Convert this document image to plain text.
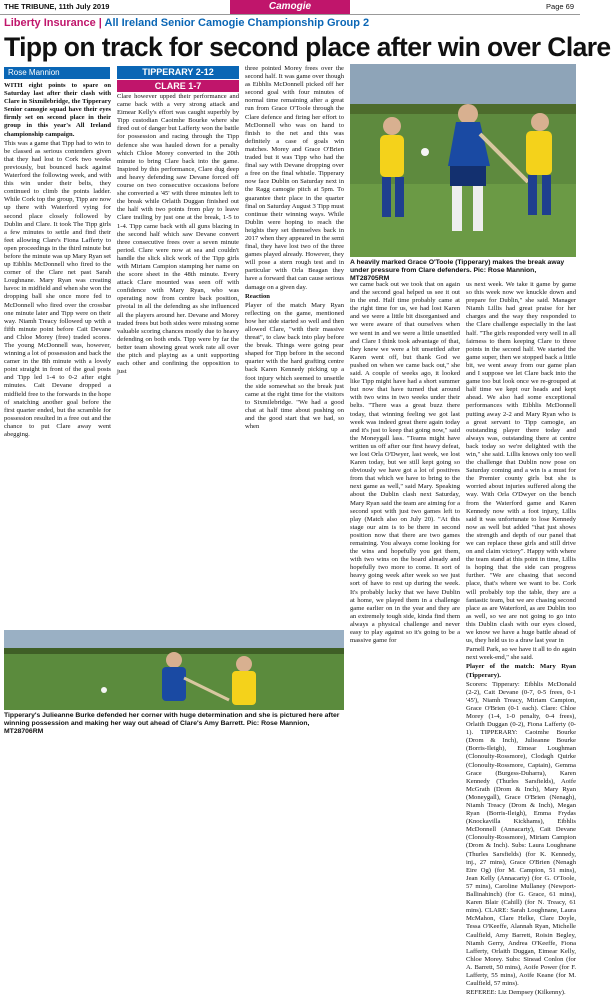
THE TRIBUNE, 11th July 2019	Camogie	Page 69
Liberty Insurance | All Ireland Senior Camogie Championship Group 2
Tipp on track for second place after win over Clare
Rose Mannion	TIPPERARY 2-12
CLARE 1-7

WITH eight points to spare on Saturday last after their clash with Clare in Sixmilebridge, the Tipperary Senior camogie squad have their eyes firmly set on second place in their group in this year's All Ireland championship campaign.

This was a game that Tipp had to win to be classed as serious contenders given that they had lost to Cork two weeks previously, but bounced back against Waterford the following week, and with this win under their belts, they continued to climb the points ladder. While Cork top the group, Tipp are now up there with Waterford vying for second place closely followed by Dublin and Clare. It took The Tipp girls a few minutes to settle and find their feet allowing Clare's Fiona Lafferty to open proceedings in the third minute but before the minute was up Mary Ryan set up Eibhlis McDonnell who fired to the corner of the Clare net past Sarah Loughnane. Mary Ryan was creating havoc in midfield and when she won the dropping ball she once more fed to McDonnell who fired over the crossbar one minute later and Tipp were on their way. Niamh Treacy followed up with a fifth minute point before Cait Devane and Chloe Morey (free) traded scores. The young McDonnell was, however, winning a lot of possession and back the camer in the 8th minute with a lovely point straight in front of the goal posts and Tipp led 1-4 to 0-2 after eight minutes. Cait Devane dropped a midfield free to the forwards in the hope of snatching another goal before the first quarter ended, but the scramble for possession resulted in a free out and the chance to put Clare away went abegging.

Clare however upped their performance and came back with a very strong attack and Eimear Kelly's effort was caught superbly by Tipp custodian Caoimhe Bourke where she fired out of danger but Lafferty won the battle for possession and racing through the Tipp defence she was hauled down for a penalty which Chloe Morey converted in the 20th minute to bring Clare back into the game. Inspired by this performance, Clare dug deep and heavy defending saw Devane forced off course on two consecutive occasions before she converted a '45' with three minutes left to the break while Orlaith Duggan finished out the half with two points from play to leave Clare trailing by just one at the break, 1-5 to 1-4. Tipp came back with all guns blazing in the second half which saw Devane convert three consecutive frees over a seven minute period. Clare were now at sea and couldn't handle the slick slick work of the Tipp girls with Miriam Campion stamping her name on the score sheet in the 48th minute. Every attack Clare mounted was seen off with confidence with Mary Ryan, who was operating now from centre back position, pivotal in all the defending as she influenced all the players around her. Devane and Morey traded frees but both sides were missing some valuable scoring chances mostly due to heavy defending on both ends. Tipp were by far the better team showing great work rate all over the pitch and playing as a unit supporting each other and confining the opposition to just

three pointed Morey frees over the second half. It was game over though as Eibhlis McDonnell picked off her second goal with four minutes of normal time remaining after a great run from Grace O'Toole through the Clare defence and firing her effort to McDonnell who was on hand to finish to the net and this was definitely a case of goals win matches. Morey and Grace O'Brien traded but it was Tipp who had the final say with Devane dropping over a free on the final whistle. Tipperary now face Dublin on Saturday next in the Ragg camogie pitch at 5pm. To guarantee their place in the quarter final on Saturday August 3 Tipp must continue their winning ways. While Dublin were hoping to reach the heights they set themselves back in 2017 when they appeared in the semi final, they have lost two of the three games played already. However, they will pose a stern rough test and in particular with Orla Beagan they have a forward that can cause serious damage on a given day.

Reaction

Player of the match Mary Ryan reflecting on the game, mentioned how her side started so well and then allowed Clare, "with their massive threat", to claw back into play before the break. Things were going pear shaped for Tipp before in the second quarter with the hard grafting centre back Karen Kennedy picking up a foot injury which seemed to unsettle the side somewhat so the break just came at the right time for the visitors to Sixmilebridge. "We had a good chat at half time about pushing on and the good start that we had, so when

A heavily marked Grace O'Toole (Tipperary) makes the break away under pressure from Clare defenders. Pic: Rose Mannion, MT28705RM

we came back out we took that on again and the second goal helped us see it out in the end. Half time probably came at the right time for us, we had lost Karen and we were a little bit disorganised and we were aware of that ourselves when we went in and we were a little unsettled and Clare I think took advantage of that, they knew we were a bit unsettled after Karen went off, but thank God we pushed on when we came back out," she said. A couple of weeks ago, it looked like Tipp might have had a short summer but now that have turned that around with two wins in two weeks under their belts. "There was a great buzz there today, that winning feeling we got last week was indeed great there again today and it's just to keep that going now," said the Moneygall lass. "Teams might have written us off after our first heavy defeat, we lost Orla O'Dwyer, last week, we lost Karen today, but we still kept going so obviously we have got a lot of positives from that which we have to bring to the next game as well," said Mary. Speaking about the Dublin clash next Saturday, Mary Ryan said the team are aiming for a second spot with just two games left to play (Match also on July 20). "At this stage our aim is to be there in second position now that there are two games remaining. You always come looking for the wins and hopefully you get them, with two wins on the board already and hopefully two more to come. It sort of heavy going week after week so we just sort of have to rest up during the week. It's probably lucky that we have Dublin at home, we played them in a challenge game earlier on in the year and they are an extremely tough side, kinda find them always a physical challenge and never easy to play against so it's going to be a massive game for

us next week. We take it game by game so this week now we knuckle down and prepare for Dublin," she said. Manager Niamh Lillis had great praise for her charges and the way they responded to the Clare challenge especially in the last half. "The girls responded very well in all fairness to them keeping Clare to three points in the second half. We started the game super, then we stopped back a little bit, we went away from our game plan and I suppose we let Clare back into the game too but look once we re-grouped at half time we kept our heads and kept ahead. We also had some exceptional performances with Eibhlis McDonnell putting away 2-2 and Mary Ryan who is a great servant to Tipp camogie, an outstanding player there today and always was, outstanding there at centre back today so we're delighted with the win," she said. Lillis knows only too well the challenge that Dublin now pose on Saturday coming and a win is a must for the Premier county girls but she is worried about injuries suffered along the way. With Orla O'Dwyer on the bench from the Waterford game and Karen Kennedy now with a foot injury, Lillis said it was unfortunate to lose Kennedy now as well but added "that just shows the strength and depth of our panel that we can replace these girls and still drive on and claim victory". Happy with where the team stand at this point in time, Lillis is hoping that the side can progress further. "We are chasing that second place, that's where we want to be. Cork will probably top the table, they are a fantastic team, but we are chasing second place as are Waterford, as are Dublin too as well, so we are not going to go into this Dublin clash with our eyes closed, we know we have a huge battle ahead of us, they held us to a draw last year in

Parnell Park, so we have it all to do again next week-end," she said.

Player of the match: Mary Ryan (Tipperary).

Scorers: Tipperary: Eibhlis McDonald (2-2), Cait Devane (0-7, 0-5 frees, 0-1 '45'), Niamh Treacy, Miriam Campion, Grace O'Brien (0-1 each). Clare: Chloe Morey (1-4, 1-0 penalty, 0-4 frees), Orlaith Duggan (0-2), Fiona Lafferty (0-1). TIPPERARY: Caoimhe Bourke (Drom & Inch), Julieanne Bourke (Borris-Ileigh), Eimear Loughman (Clonoulty-Rossmore), Clodagh Quirke (Clonoulty-Rossmore, Captain), Gemma Grace (Burgess-Duharra), Karen Kennedy (Thurles Sarsfields), Aoife McGrath (Drom & Inch), Mary Ryan (Moneygall), Grace O'Brien (Nenagh), Niamh Treacy (Drom & Inch), Megan Ryan (Borris-Ileigh), Emma Frydas (Knockavilla Kickhams), Eibhlis McDonnell (Annacarty), Cait Devane (Clonoulty-Rossmore), Miriam Campion (Drom & Inch). Subs: Laura Loughnane (Thurles Sarsfields) (for K. Kennedy, inj., 27 mins), Grace O'Brien (Nenagh Eire Og) (for M. Campion, 51 mins), Jean Kelly (Annacarty) (for G. O'Toole, 57 mins), Caroline Mullaney (Newport-Ballinahinch) (for G. Grace, 61 mins), Karen Blair (Cahill) (for N. Treacy, 61 mins). CLARE: Sarah Loughnane, Laura McMahon, Clare Helke, Clare Doyle, Tessa O'Keeffe, Alannah Ryan, Michelle Caulfield, Amy Barrett, Roisin Begley, Niamh Gerry, Andrea O'Keeffe, Fiona Lafferty, Orlaith Duggan, Eimear Kelly, Chloe Morey. Subs: Sinead Conlon (for A. Barrett, 50 mins), Aoife Power (for F. Lafferty, 55 mins), Aoife Keane (for M. Caulfield, 57 mins).

REFEREE: Liz Dempsey (Kilkenny).

Tipperary's Julieanne Burke defended her corner with huge determination and she is pictured here after winning possession and making her way out ahead of Clare's Amy Barrett. Pic: Rose Mannion, MT28706RM
